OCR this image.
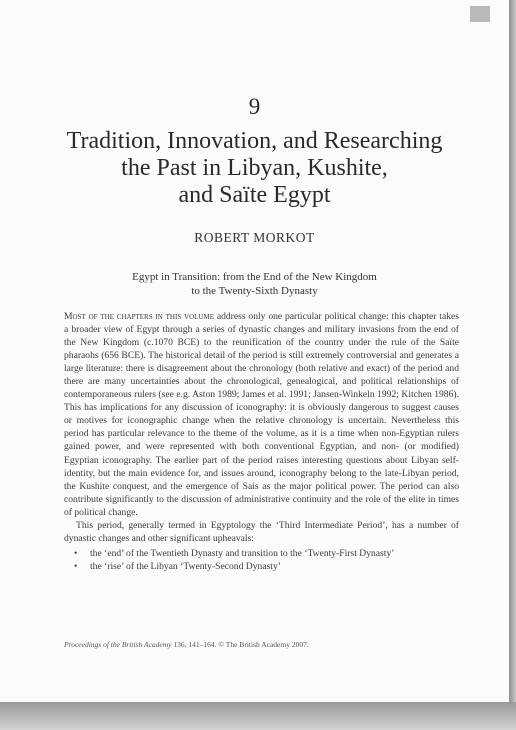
9
Tradition, Innovation, and Researching
the Past in Libyan, Kushite,
and Saïte Egypt
ROBERT MORKOT
Egypt in Transition: from the End of the New Kingdom
to the Twenty-Sixth Dynasty

Most of the chapters in this volume address only one particular political change: this chapter takes a broader view of Egypt through a series of dynastic changes and military invasions from the end of the New Kingdom (c.1070 BCE) to the reunification of the country under the rule of the Saïte pharaohs (656 BCE). The historical detail of the period is still extremely controversial and generates a large literature: there is disagreement about the chronology (both relative and exact) of the period and there are many uncertainties about the chronological, genealogical, and political relationships of contemporaneous rulers (see e.g. Aston 1989; James et al. 1991; Jansen-Winkeln 1992; Kitchen 1986). This has implications for any discussion of iconography: it is obviously dangerous to suggest causes or motives for iconographic change when the relative chronology is uncertain. Nevertheless this period has particular relevance to the theme of the volume, as it is a time when non-Egyptian rulers gained power, and were represented with both conventional Egyptian, and non- (or modified) Egyptian iconography. The earlier part of the period raises interesting questions about Libyan self-identity, but the main evidence for, and issues around, iconography belong to the late-Libyan period, the Kushite conquest, and the emergence of Sais as the major political power. The period can also contribute significantly to the discussion of administrative continuity and the role of the elite in times of political change.

This period, generally termed in Egyptology the ‘Third Intermediate Period’, has a number of dynastic changes and other significant upheavals:

• the ‘end’ of the Twentieth Dynasty and transition to the ‘Twenty-First Dynasty’
• the ‘rise’ of the Libyan ‘Twenty-Second Dynasty’
Proceedings of the British Academy 136, 141–164. © The British Academy 2007.
